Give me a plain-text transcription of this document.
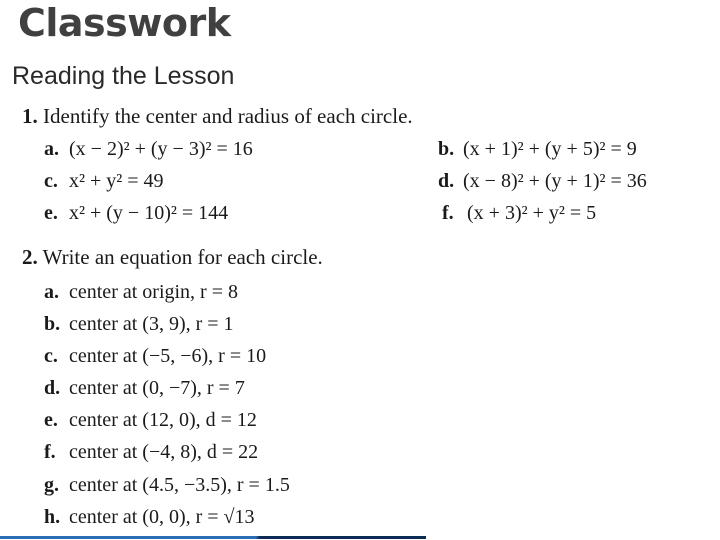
Classwork
Reading the Lesson
1. Identify the center and radius of each circle.
a. (x − 2)² + (y − 3)² = 16	b. (x + 1)² + (y + 5)² = 9
c. x² + y² = 49	d. (x − 8)² + (y + 1)² = 36
e. x² + (y − 10)² = 144	f. (x + 3)² + y² = 5
2. Write an equation for each circle.
a. center at origin, r = 8
b. center at (3, 9), r = 1
c. center at (−5, −6), r = 10
d. center at (0, −7), r = 7
e. center at (12, 0), d = 12
f. center at (−4, 8), d = 22
g. center at (4.5, −3.5), r = 1.5
h. center at (0, 0), r = √13
